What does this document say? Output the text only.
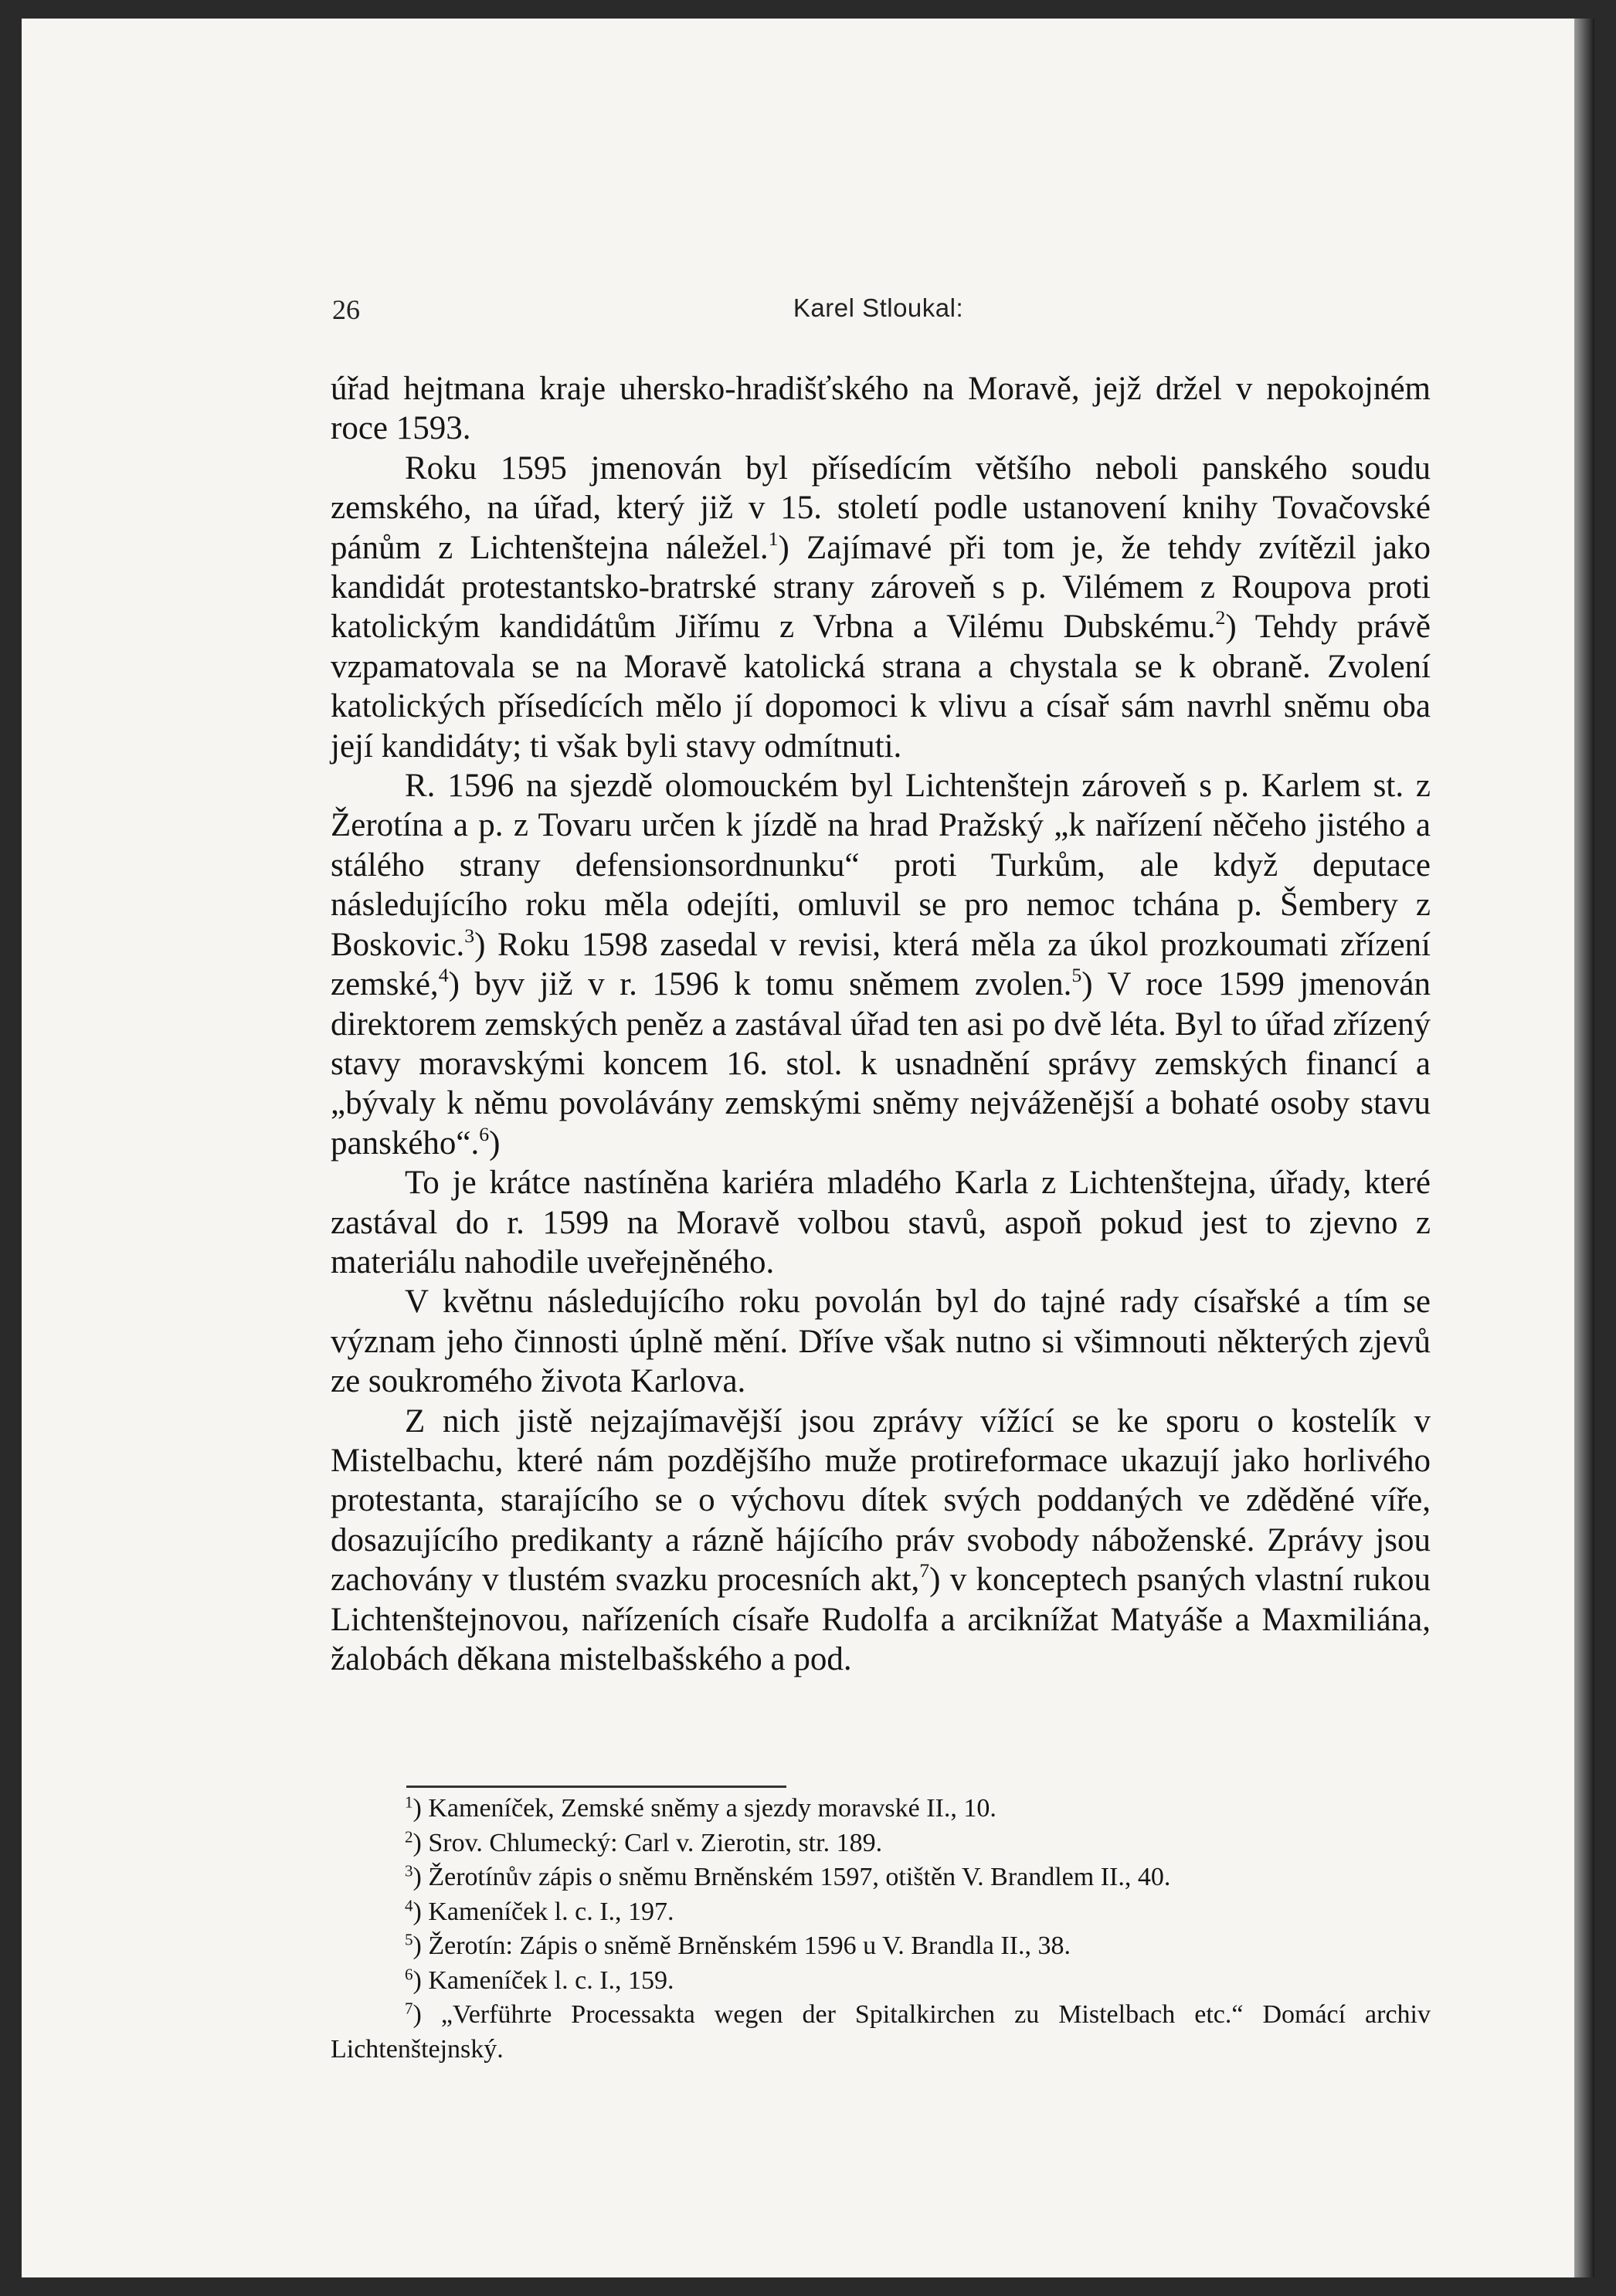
26	Karel Stloukal:

úřad hejtmana kraje uhersko-hradišťského na Moravě, jejž držel v nepokojném roce 1593.

Roku 1595 jmenován byl přísedícím většího neboli panského soudu zemského, na úřad, který již v 15. století podle ustanovení knihy Tovačovské pánům z Lichtenštejna náležel.$^1$) Zajímavé při tom je, že tehdy zvítězil jako kandidát protestantsko-bratrské strany zároveň s p. Vilémem z Roupova proti katolickým kandidátům Jiřímu z Vrbna a Vilému Dubskému.$^2$) Tehdy právě vzpamatovala se na Moravě katolická strana a chystala se k obraně. Zvolení katolických přísedících mělo jí dopomoci k vlivu a císař sám navrhl sněmu oba její kandidáty; ti však byli stavy odmítnuti.

R. 1596 na sjezdě olomouckém byl Lichtenštejn zároveň s p. Karlem st. z Žerotína a p. z Tovaru určen k jízdě na hrad Pražský „k nařízení něčeho jistého a stálého strany defensionsordnunku“ proti Turkům, ale když deputace následujícího roku měla odejíti, omluvil se pro nemoc tchána p. Šembery z Boskovic.$^3$) Roku 1598 zasedal v revisi, která měla za úkol prozkoumati zřízení zemské,$^4$) byv již v r. 1596 k tomu sněmem zvolen.$^5$) V roce 1599 jmenován direktorem zemských peněz a zastával úřad ten asi po dvě léta. Byl to úřad zřízený stavy moravskými koncem 16. stol. k usnadnění správy zemských financí a „bývaly k němu povolávány zemskými sněmy nejváženější a bohaté osoby stavu panského“.$^6$)

To je krátce nastíněna kariéra mladého Karla z Lichtenštejna, úřady, které zastával do r. 1599 na Moravě volbou stavů, aspoň pokud jest to zjevno z materiálu nahodile uveřejněného.

V květnu následujícího roku povolán byl do tajné rady císařské a tím se význam jeho činnosti úplně mění. Dříve však nutno si všimnouti některých zjevů ze soukromého života Karlova.

Z nich jistě nejzajímavější jsou zprávy vížící se ke sporu o kostelík v Mistelbachu, které nám pozdějšího muže protireformace ukazují jako horlivého protestanta, starajícího se o výchovu dítek svých poddaných ve zděděné víře, dosazujícího predikanty a rázně hájícího práv svobody náboženské. Zprávy jsou zachovány v tlustém svazku procesních akt,$^7$) v konceptech psaných vlastní rukou Lichtenštejnovou, nařízeních císaře Rudolfa a arciknížat Matyáše a Maxmiliána, žalobách děkana mistelbašského a pod.

$^1$) Kameníček, Zemské sněmy a sjezdy moravské II., 10.

$^2$) Srov. Chlumecký: Carl v. Zierotin, str. 189.

$^3$) Žerotínův zápis o sněmu Brněnském 1597, otištěn V. Brandlem II., 40.

$^4$) Kameníček l. c. I., 197.

$^5$) Žerotín: Zápis o sněmě Brněnském 1596 u V. Brandla II., 38.

$^6$) Kameníček l. c. I., 159.

$^7$) „Verführte Processakta wegen der Spitalkirchen zu Mistelbach etc.“ Domácí archiv Lichtenštejnský.
